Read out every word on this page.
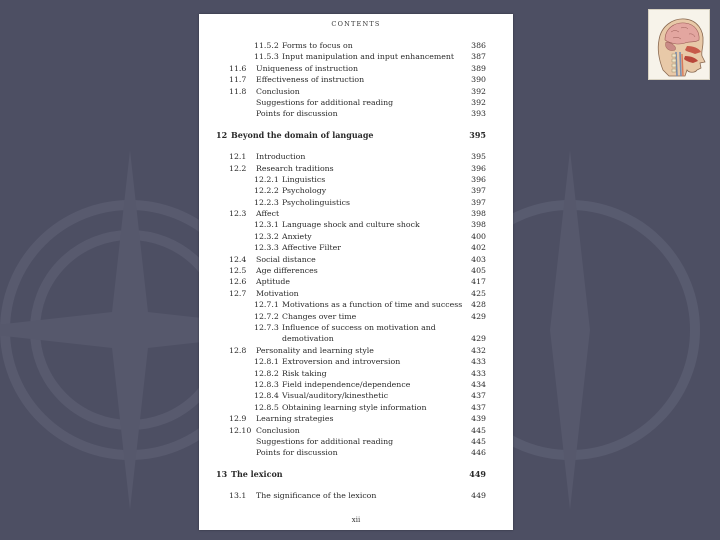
CONTENTS
11.5.2 Forms to focus on	386
11.5.3 Input manipulation and input enhancement 387
11.6 Uniqueness of instruction	389
11.7 Effectiveness of instruction	390
11.8 Conclusion	392
Suggestions for additional reading	392
Points for discussion	393
12 Beyond the domain of language	395
12.1 Introduction	395
12.2 Research traditions	396
12.2.1 Linguistics	396
12.2.2 Psychology	397
12.2.3 Psycholinguistics	397
12.3 Affect	398
12.3.1 Language shock and culture shock	398
12.3.2 Anxiety	400
12.3.3 Affective Filter	402
12.4 Social distance	403
12.5 Age differences	405
12.6 Aptitude	417
12.7 Motivation	425
12.7.1 Motivations as a function of time and success 428
12.7.2 Changes over time	429
12.7.3 Influence of success on motivation and
demotivation	429
12.8 Personality and learning style	432
12.8.1 Extroversion and introversion	433
12.8.2 Risk taking	433
12.8.3 Field independence/dependence	434
12.8.4 Visual/auditory/kinesthetic	437
12.8.5 Obtaining learning style information	437
12.9 Learning strategies	439
12.10 Conclusion	445
Suggestions for additional reading	445
Points for discussion	446
13 The lexicon	449
13.1 The significance of the lexicon	449
xii
